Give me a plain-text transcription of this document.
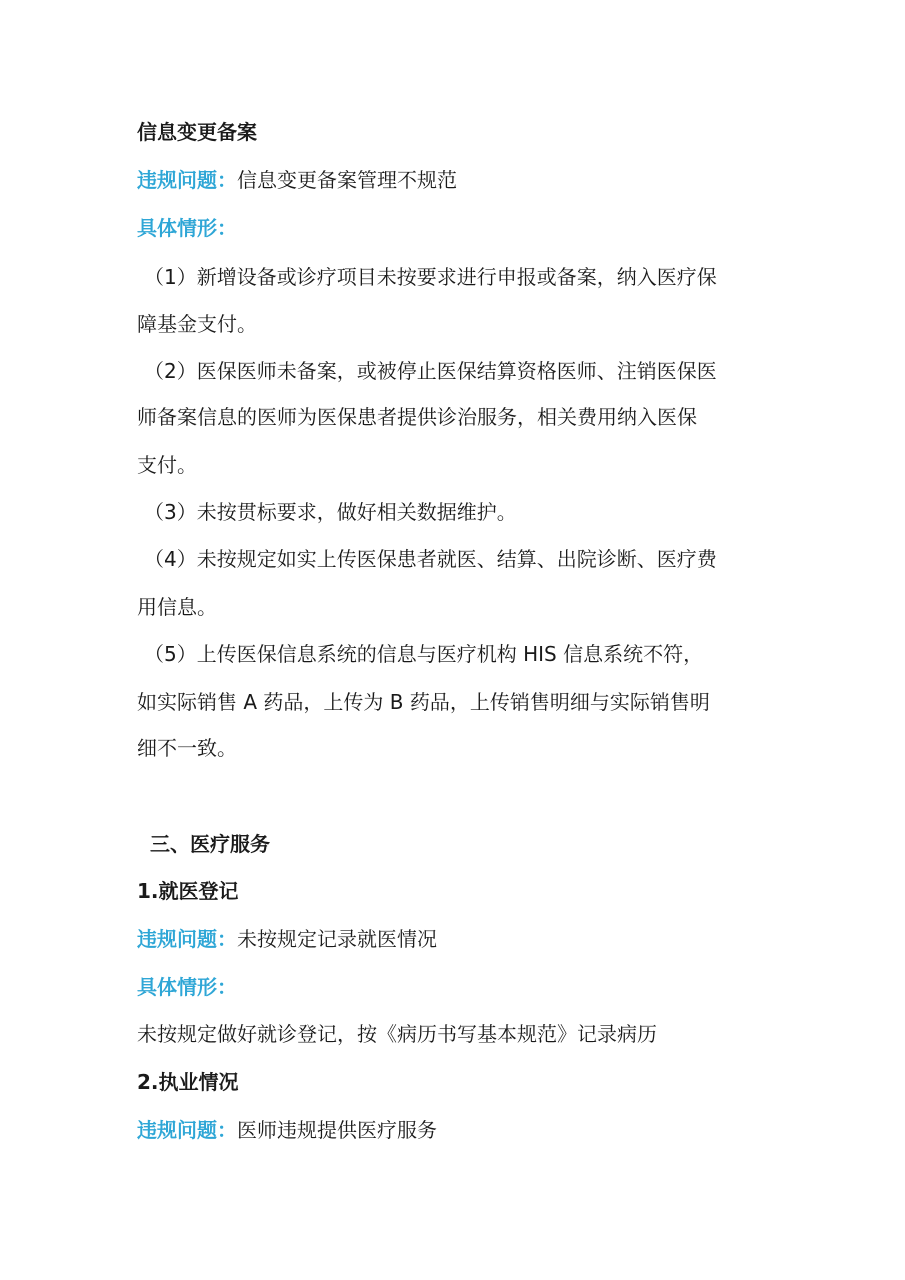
信息变更备案
违规问题：信息变更备案管理不规范
具体情形：
（1）新增设备或诊疗项目未按要求进行申报或备案，纳入医疗保
障基金支付。
（2）医保医师未备案，或被停止医保结算资格医师、注销医保医
师备案信息的医师为医保患者提供诊治服务，相关费用纳入医保
支付。
（3）未按贯标要求，做好相关数据维护。
（4）未按规定如实上传医保患者就医、结算、出院诊断、医疗费
用信息。
（5）上传医保信息系统的信息与医疗机构 HIS 信息系统不符，
如实际销售 A 药品，上传为 B 药品，上传销售明细与实际销售明
细不一致。
三、医疗服务
1.就医登记
违规问题：未按规定记录就医情况
具体情形：
未按规定做好就诊登记，按《病历书写基本规范》记录病历
2.执业情况
违规问题：医师违规提供医疗服务
